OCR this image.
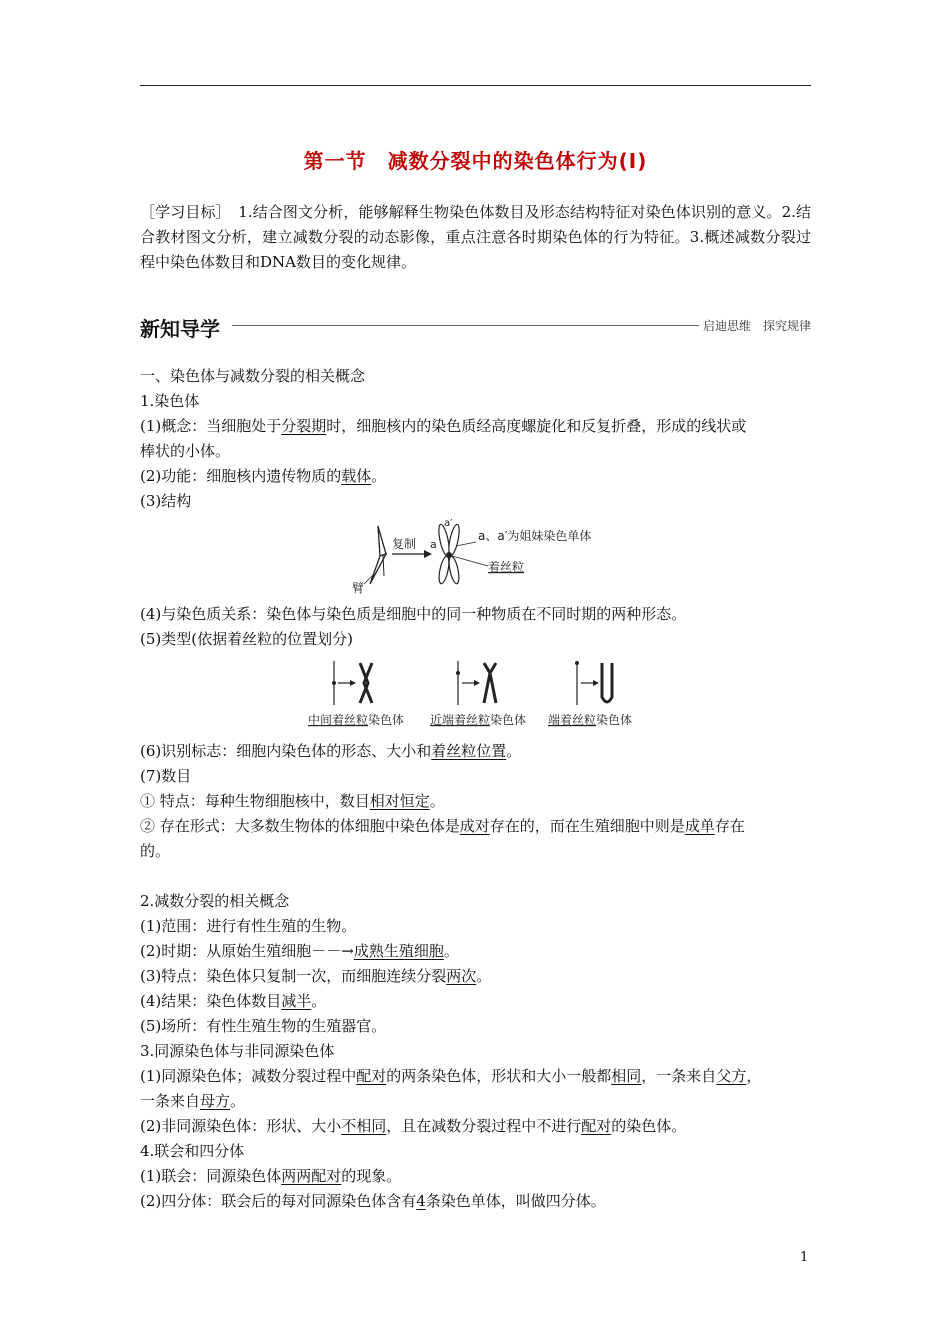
第一节　减数分裂中的染色体行为(Ⅰ)
［学习目标］　1.结合图文分析，能够解释生物染色体数目及形态结构特征对染色体识别的意义。2.结合教材图文分析，建立减数分裂的动态影像，重点注意各时期染色体的行为特征。3.概述减数分裂过程中染色体数目和DNA数目的变化规律。
新知导学	启迪思维　探究规律
一、染色体与减数分裂的相关概念
1.染色体
(1)概念：当细胞处于分裂期时，细胞核内的染色质经高度螺旋化和反复折叠，形成的线状或
棒状的小体。
(2)功能：细胞核内遗传物质的载体。
(3)结构
臂
复制 a
a′
a、a′为姐妹染色单体
着丝粒
(4)与染色质关系：染色体与染色质是细胞中的同一种物质在不同时期的两种形态。
(5)类型(依据着丝粒的位置划分)
中间着丝粒染色体 近端着丝粒染色体 端着丝粒染色体
(6)识别标志：细胞内染色体的形态、大小和着丝粒位置。
(7)数目
① 特点：每种生物细胞核中，数目相对恒定。
② 存在形式：大多数生物体的体细胞中染色体是成对存在的，而在生殖细胞中则是成单存在
的。
2.减数分裂的相关概念
(1)范围：进行有性生殖的生物。
(2)时期：从原始生殖细胞－－→成熟生殖细胞。
(3)特点：染色体只复制一次，而细胞连续分裂两次。
(4)结果：染色体数目减半。
(5)场所：有性生殖生物的生殖器官。
3.同源染色体与非同源染色体
(1)同源染色体；减数分裂过程中配对的两条染色体，形状和大小一般都相同，一条来自父方，
一条来自母方。
(2)非同源染色体：形状、大小不相同，且在减数分裂过程中不进行配对的染色体。
4.联会和四分体
(1)联会：同源染色体两两配对的现象。
(2)四分体：联会后的每对同源染色体含有4条染色单体，叫做四分体。
1
